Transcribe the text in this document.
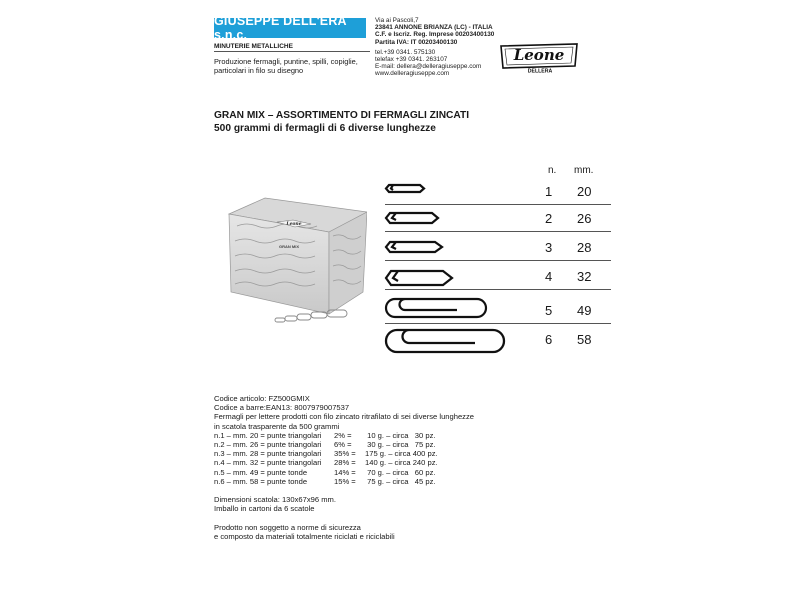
GIUSEPPE DELL'ERA s.n.c.
MINUTERIE METALLICHE
Produzione fermagli, puntine, spilli, copiglie, particolari in filo su disegno
Via ai Pascoli,7
23841 ANNONE BRIANZA (LC) - ITALIA
C.F. e Iscriz. Reg. Imprese 00203400130
Partita IVA: IT 00203400130
tel.+39 0341. 575130
telefax +39 0341. 263107
E-mail: dellera@delleragiuseppe.com
www.delleragiuseppe.com
Leone
DELLERA
GRAN MIX – ASSORTIMENTO DI FERMAGLI ZINCATI
500 grammi di fermagli di 6 diverse lunghezze
n. mm.
1 20
2 26
3 28
4 32
5 49
6 58
Leone
GRAN MIX
Codice articolo: FZ500GMIX
Codice a barre:EAN13: 8007979007537
Fermagli per lettere prodotti con filo zincato ritrafilato di sei diverse lunghezze
in scatola trasparente da 500 grammi
n.1 – mm. 20 = punte triangolari 2% = 10 g. – circa   30 pz.
n.2 – mm. 26 = punte triangolari 6% = 30 g. – circa   75 pz.
n.3 – mm. 28 = punte triangolari 35% = 175 g. – circa 400 pz.
n.4 – mm. 32 = punte triangolari 28% = 140 g. – circa 240 pz.
n.5 – mm. 49 = punte tonde	14% = 70 g. – circa   60 pz.
n.6 – mm. 58 = punte tonde	15% = 75 g. – circa   45 pz.
Dimensioni scatola: 130x67x96 mm.
Imballo in cartoni da 6 scatole
Prodotto non soggetto a norme di sicurezza
e composto da materiali totalmente riciclati e riciclabili
